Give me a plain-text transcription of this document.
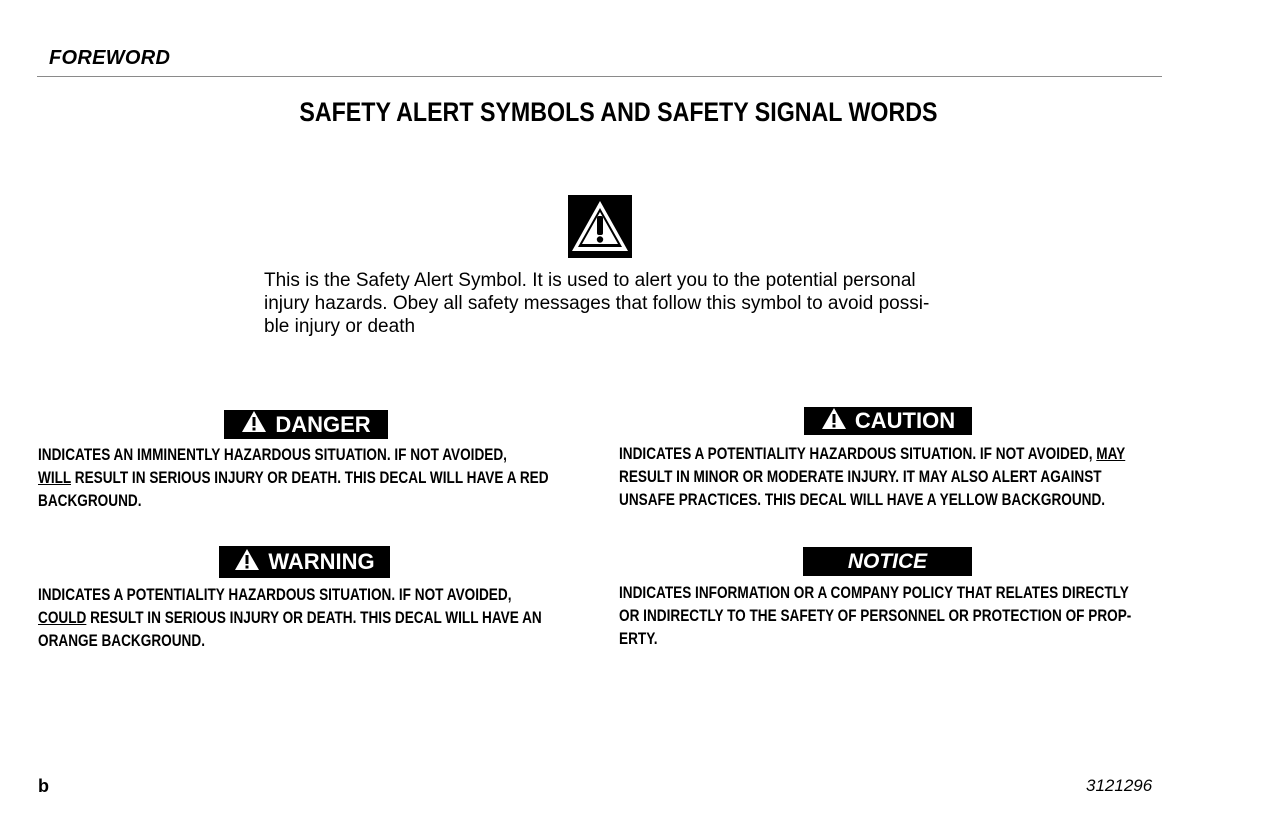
FOREWORD
SAFETY ALERT SYMBOLS AND SAFETY SIGNAL WORDS
This is the Safety Alert Symbol. It is used to alert you to the potential personal
injury hazards. Obey all safety messages that follow this symbol to avoid possi-
ble injury or death
DANGER
INDICATES AN IMMINENTLY HAZARDOUS SITUATION. IF NOT AVOIDED,
WILL RESULT IN SERIOUS INJURY OR DEATH. THIS DECAL WILL HAVE A RED
BACKGROUND.
CAUTION
INDICATES A POTENTIALITY HAZARDOUS SITUATION. IF NOT AVOIDED, MAY
RESULT IN MINOR OR MODERATE INJURY. IT MAY ALSO ALERT AGAINST
UNSAFE PRACTICES. THIS DECAL WILL HAVE A YELLOW BACKGROUND.
WARNING
INDICATES A POTENTIALITY HAZARDOUS SITUATION. IF NOT AVOIDED,
COULD RESULT IN SERIOUS INJURY OR DEATH. THIS DECAL WILL HAVE AN
ORANGE BACKGROUND.
NOTICE
INDICATES INFORMATION OR A COMPANY POLICY THAT RELATES DIRECTLY
OR INDIRECTLY TO THE SAFETY OF PERSONNEL OR PROTECTION OF PROP-
ERTY.
b	3121296
